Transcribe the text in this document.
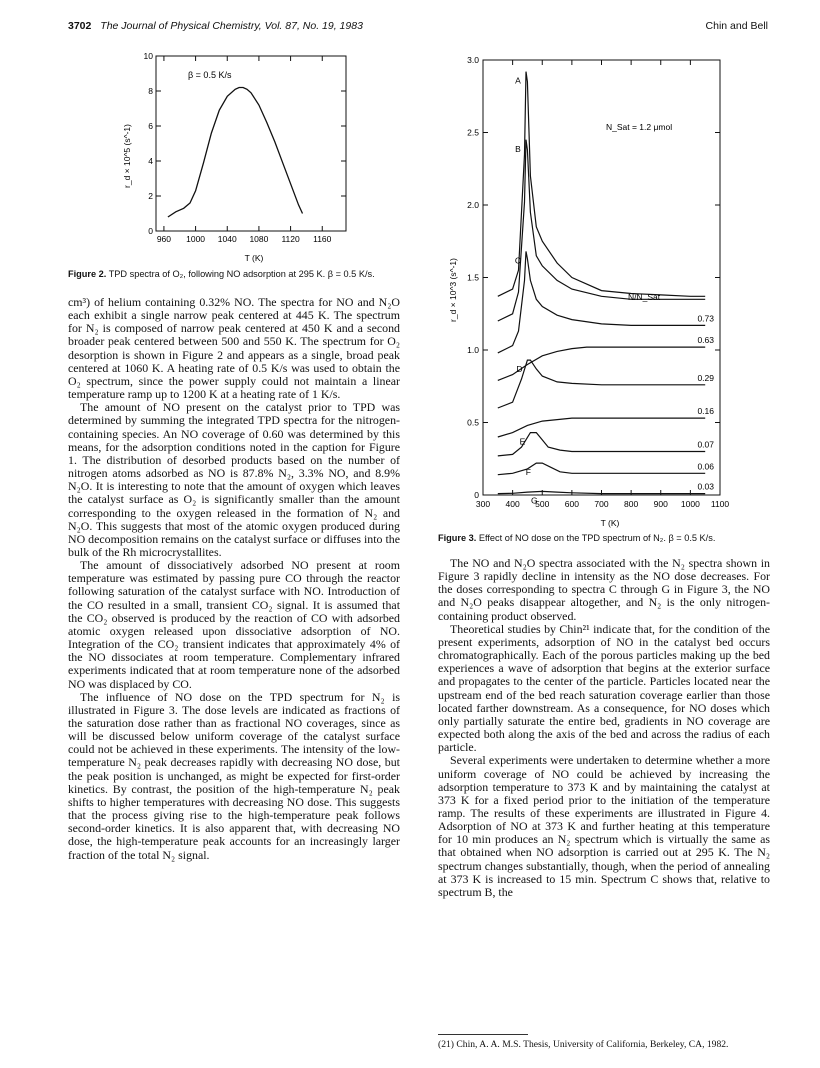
3702 The Journal of Physical Chemistry, Vol. 87, No. 19, 1983	Chin and Bell
960 1000 1040 1080 1120 1160
0
2
4
6
8
10
β = 0.5 K/s
r_d × 10^5 (s^-1)
T (K)
Figure 2. TPD spectra of O₂, following NO adsorption at 295 K. β = 0.5 K/s.

cm³) of helium containing 0.32% NO. The spectra for NO and N₂O each exhibit a single narrow peak centered at 445 K. The spectrum for N₂ is composed of narrow peak centered at 450 K and a second broader peak centered between 500 and 550 K. The spectrum for O₂ desorption is shown in Figure 2 and appears as a single, broad peak centered at 1060 K. A heating rate of 0.5 K/s was used to obtain the O₂ spectrum, since the power supply could not maintain a linear temperature ramp up to 1200 K at a heating rate of 1 K/s.

The amount of NO present on the catalyst prior to TPD was determined by summing the integrated TPD spectra for the nitrogen-containing species. An NO coverage of 0.60 was determined by this means, for the adsorption conditions noted in the caption for Figure 1. The distribution of desorbed products based on the number of nitrogen atoms adsorbed as NO is 87.8% N₂, 3.3% NO, and 8.9% N₂O. It is interesting to note that the amount of oxygen which leaves the catalyst surface as O₂ is significantly smaller than the amount corresponding to the oxygen released in the formation of N₂ and N₂O. This suggests that most of the atomic oxygen produced during NO decomposition remains on the catalyst surface or diffuses into the bulk of the Rh microcrystallites.

The amount of dissociatively adsorbed NO present at room temperature was estimated by passing pure CO through the reactor following saturation of the catalyst surface with NO. Introduction of the CO resulted in a small, transient CO₂ signal. It is assumed that the CO₂ observed is produced by the reaction of CO with adsorbed atomic oxygen released upon dissociative adsorption of NO. Integration of the CO₂ transient indicates that approximately 4% of the NO dissociates at room temperature. Complementary infrared experiments indicated that at room temperature none of the adsorbed NO was displaced by CO.

The influence of NO dose on the TPD spectrum for N₂ is illustrated in Figure 3. The dose levels are indicated as fractions of the saturation dose rather than as fractional NO coverages, since as will be discussed below uniform coverage of the catalyst surface could not be achieved in these experiments. The intensity of the low-temperature N₂ peak decreases rapidly with decreasing NO dose, but the peak position is unchanged, as might be expected for first-order kinetics. By contrast, the position of the high-temperature N₂ peak shifts to higher temperatures with decreasing NO dose. This suggests that the process giving rise to the high-temperature peak follows second-order kinetics. It is also apparent that, with decreasing NO dose, the high-temperature peak accounts for an increasingly larger fraction of the total N₂ signal.

300 400 500 600 700 800 900 1000 1100
0
0.5
1.0
1.5
2.0
2.5
3.0
A
B
C
0.73
0.63
D
0.29
0.16
E	0.07
F
0.06
G
0.03
N_Sat = 1.2 μmol
N/N_Sat
r_d × 10^3 (s^-1)
T (K)
Figure 3. Effect of NO dose on the TPD spectrum of N₂. β = 0.5 K/s.

The NO and N₂O spectra associated with the N₂ spectra shown in Figure 3 rapidly decline in intensity as the NO dose decreases. For the doses corresponding to spectra C through G in Figure 3, the NO and N₂O peaks disappear altogether, and N₂ is the only nitrogen-containing product observed.

Theoretical studies by Chin²¹ indicate that, for the condition of the present experiments, adsorption of NO in the catalyst bed occurs chromatographically. Each of the porous particles making up the bed experiences a wave of adsorption that begins at the exterior surface and propagates to the center of the particle. Particles located near the upstream end of the bed reach saturation coverage earlier than those located farther downstream. As a consequence, for NO doses which only partially saturate the entire bed, gradients in NO coverage are expected both along the axis of the bed and across the radius of each particle.

Several experiments were undertaken to determine whether a more uniform coverage of NO could be achieved by increasing the adsorption temperature to 373 K and by maintaining the catalyst at 373 K for a fixed period prior to the initiation of the temperature ramp. The results of these experiments are illustrated in Figure 4. Adsorption of NO at 373 K and further heating at this temperature for 10 min produces an N₂ spectrum which is virtually the same as that obtained when NO adsorption is carried out at 295 K. The N₂ spectrum changes substantially, though, when the period of annealing at 373 K is increased to 15 min. Spectrum C shows that, relative to spectrum B, the

(21) Chin, A. A. M.S. Thesis, University of California, Berkeley, CA, 1982.
